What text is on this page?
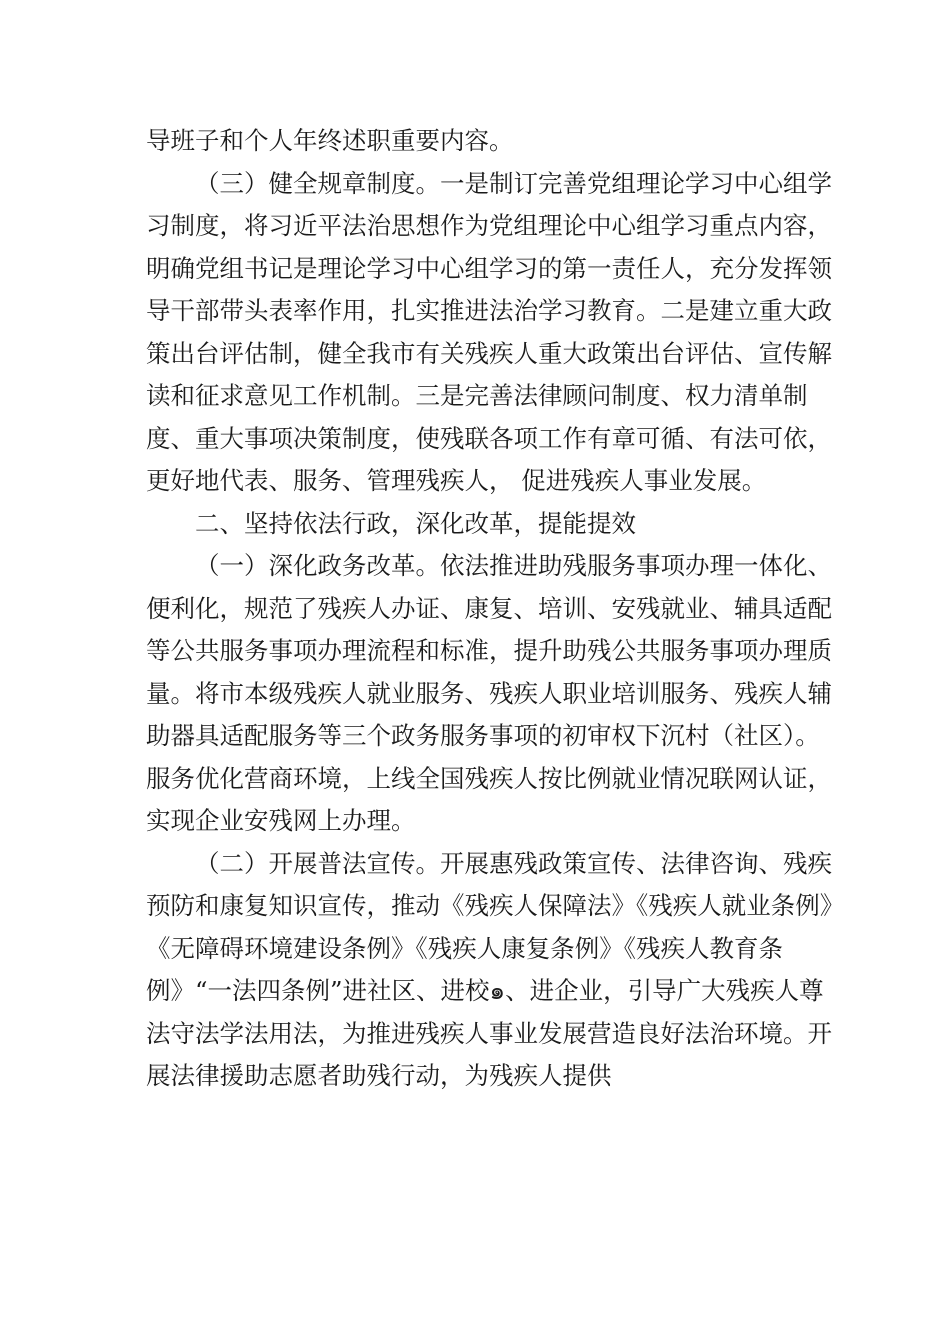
导班子和个人年终述职重要内容。

（三）健全规章制度。一是制订完善党组理论学习中心组学习制度，将习近平法治思想作为党组理论中心组学习重点内容，明确党组书记是理论学习中心组学习的第一责任人，充分发挥领导干部带头表率作用，扎实推进法治学习教育。二是建立重大政策出台评估制，健全我市有关残疾人重大政策出台评估、宣传解读和征求意见工作机制。三是完善法律顾问制度、权力清单制度、重大事项决策制度，使残联各项工作有章可循、有法可依，更好地代表、服务、管理残疾人， 促进残疾人事业发展。

二、坚持依法行政，深化改革，提能提效

（一）深化政务改革。依法推进助残服务事项办理一体化、便利化，规范了残疾人办证、康复、培训、安残就业、辅具适配等公共服务事项办理流程和标准，提升助残公共服务事项办理质量。将市本级残疾人就业服务、残疾人职业培训服务、残疾人辅助器具适配服务等三个政务服务事项的初审权下沉村（社区）。服务优化营商环境，上线全国残疾人按比例就业情况联网认证，实现企业安残网上办理。

（二）开展普法宣传。开展惠残政策宣传、法律咨询、残疾预防和康复知识宣传，推动《残疾人保障法》《残疾人就业条例》《无障碍环境建设条例》《残疾人康复条例》《残疾人教育条例》“一法四条例”进社区、进校๑、进企业，引导广大残疾人尊法守法学法用法，为推进残疾人事业发展营造良好法治环境。开展法律援助志愿者助残行动，为残疾人提供
